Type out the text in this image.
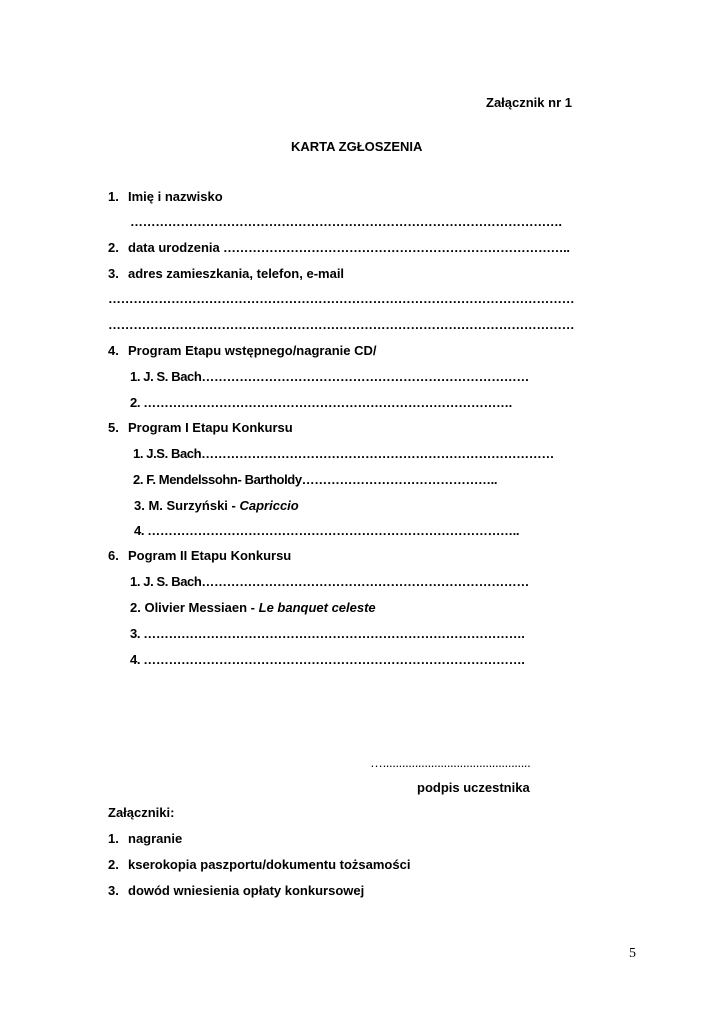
Załącznik nr 1
KARTA ZGŁOSZENIA
1. Imię i nazwisko
………………………………………………………………………………………….
2. data urodzenia ………………………………………………………………………..
3. adres zamieszkania, telefon, e-mail
…………………………………………………………………………………………………
…………………………………………………………………………………………………
4. Program Etapu wstępnego/nagranie CD/
1. J. S. Bach……………………………………………………………………
2. …………………………………………………………………………….
5. Program I Etapu Konkursu
1. J.S. Bach…………………………………………………………………………
2. F. Mendelssohn- Bartholdy………………………………………..
3. M. Surzyński - Capriccio
4. ……………………………………………………………………………..
6. Pogram II Etapu Konkursu
1. J. S. Bach……………………………………………………………………
2. Olivier Messiaen - Le banquet celeste
3. ……………………………………………………………………………….
4. ……………………………………………………………………………….
…..............................................
podpis uczestnika
Załączniki:
1. nagranie
2. kserokopia paszportu/dokumentu tożsamości
3. dowód wniesienia opłaty konkursowej
5
